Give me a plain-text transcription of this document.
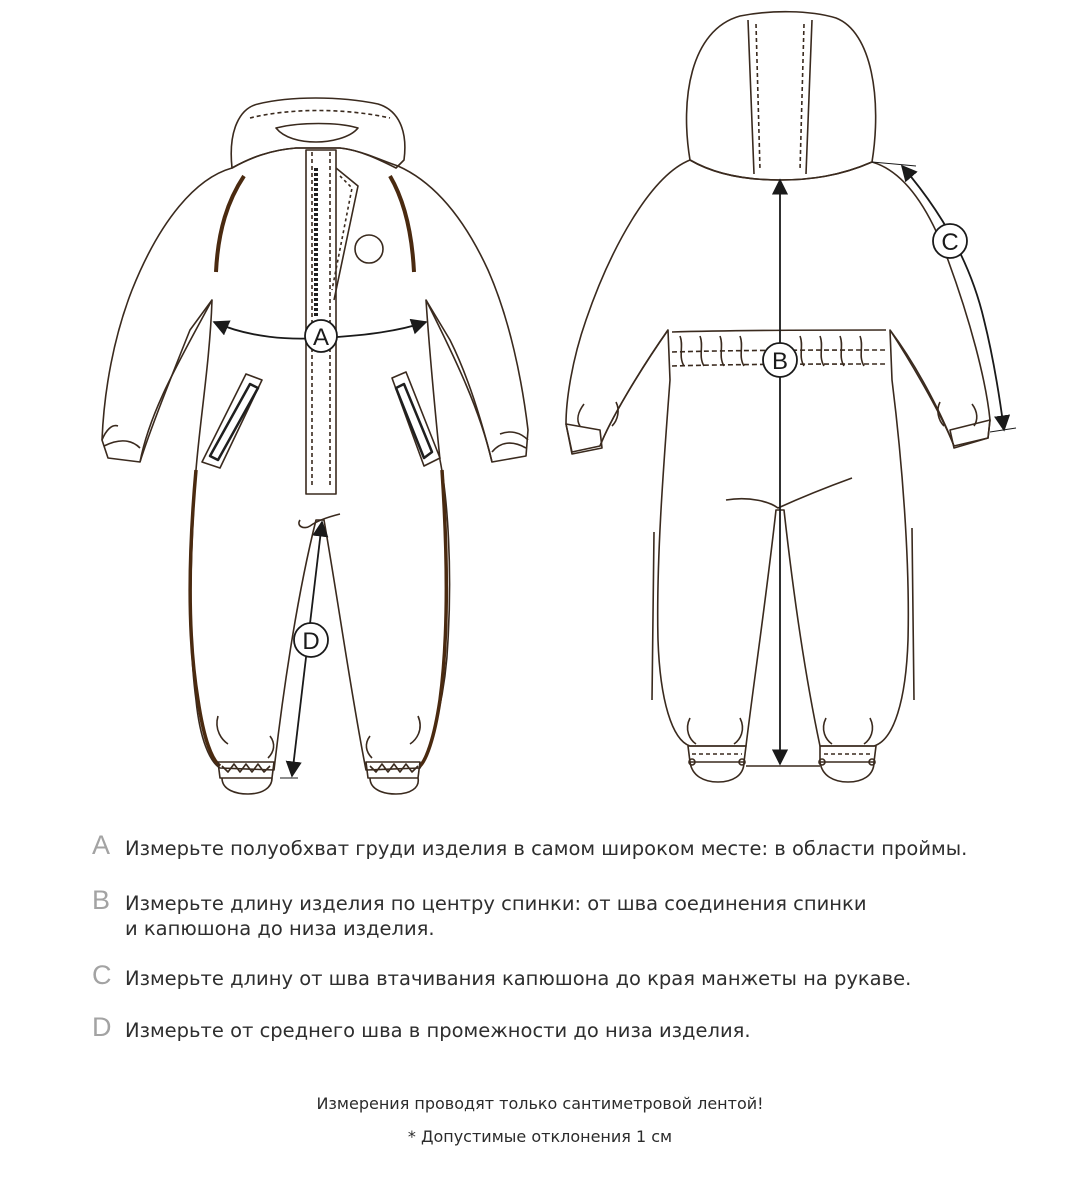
A
D
B
C
A Измерьте полуобхват груди изделия в самом широком месте: в области проймы.
B Измерьте длину изделия по центру спинки: от шва соединения спинки
и капюшона до низа изделия.
C Измерьте длину от шва втачивания капюшона до края манжеты на рукаве.
D Измерьте от среднего шва в промежности до низа изделия.
Измерения проводят только сантиметровой лентой!
* Допустимые отклонения 1 см
